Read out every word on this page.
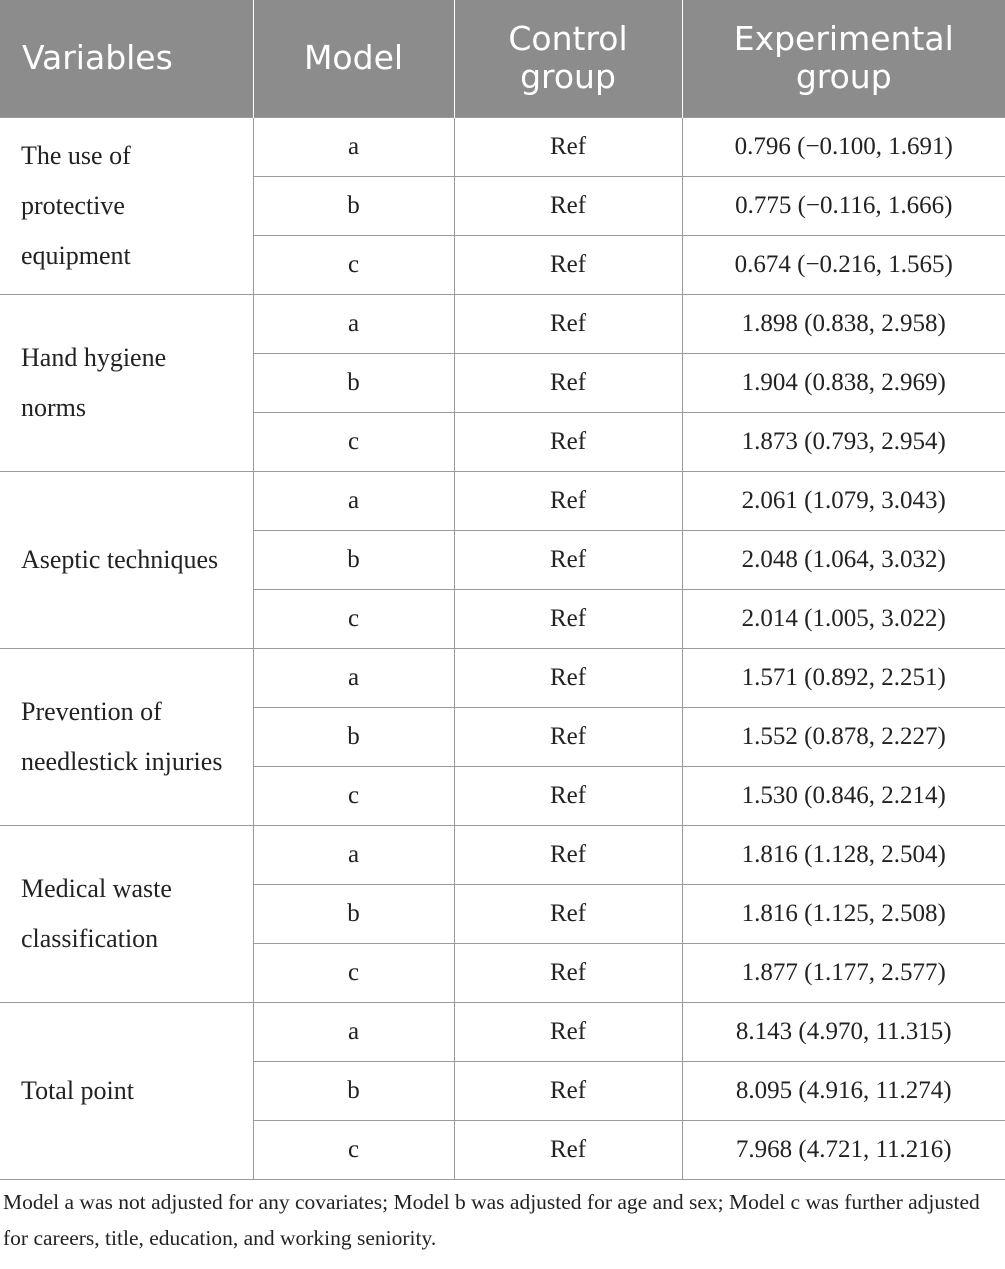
Variables	Model	Control group	Experimental group
The use of protective equipment	a	Ref	0.796 (−0.100, 1.691)
	b	Ref	0.775 (−0.116, 1.666)
	c	Ref	0.674 (−0.216, 1.565)
Hand hygiene norms	a	Ref	1.898 (0.838, 2.958)
	b	Ref	1.904 (0.838, 2.969)
	c	Ref	1.873 (0.793, 2.954)
Aseptic techniques	a	Ref	2.061 (1.079, 3.043)
	b	Ref	2.048 (1.064, 3.032)
	c	Ref	2.014 (1.005, 3.022)
Prevention of needlestick injuries	a	Ref	1.571 (0.892, 2.251)
	b	Ref	1.552 (0.878, 2.227)
	c	Ref	1.530 (0.846, 2.214)
Medical waste classification	a	Ref	1.816 (1.128, 2.504)
	b	Ref	1.816 (1.125, 2.508)
	c	Ref	1.877 (1.177, 2.577)
Total point	a	Ref	8.143 (4.970, 11.315)
	b	Ref	8.095 (4.916, 11.274)
	c	Ref	7.968 (4.721, 11.216)

Model a was not adjusted for any covariates; Model b was adjusted for age and sex; Model c was further adjusted for careers, title, education, and working seniority.
